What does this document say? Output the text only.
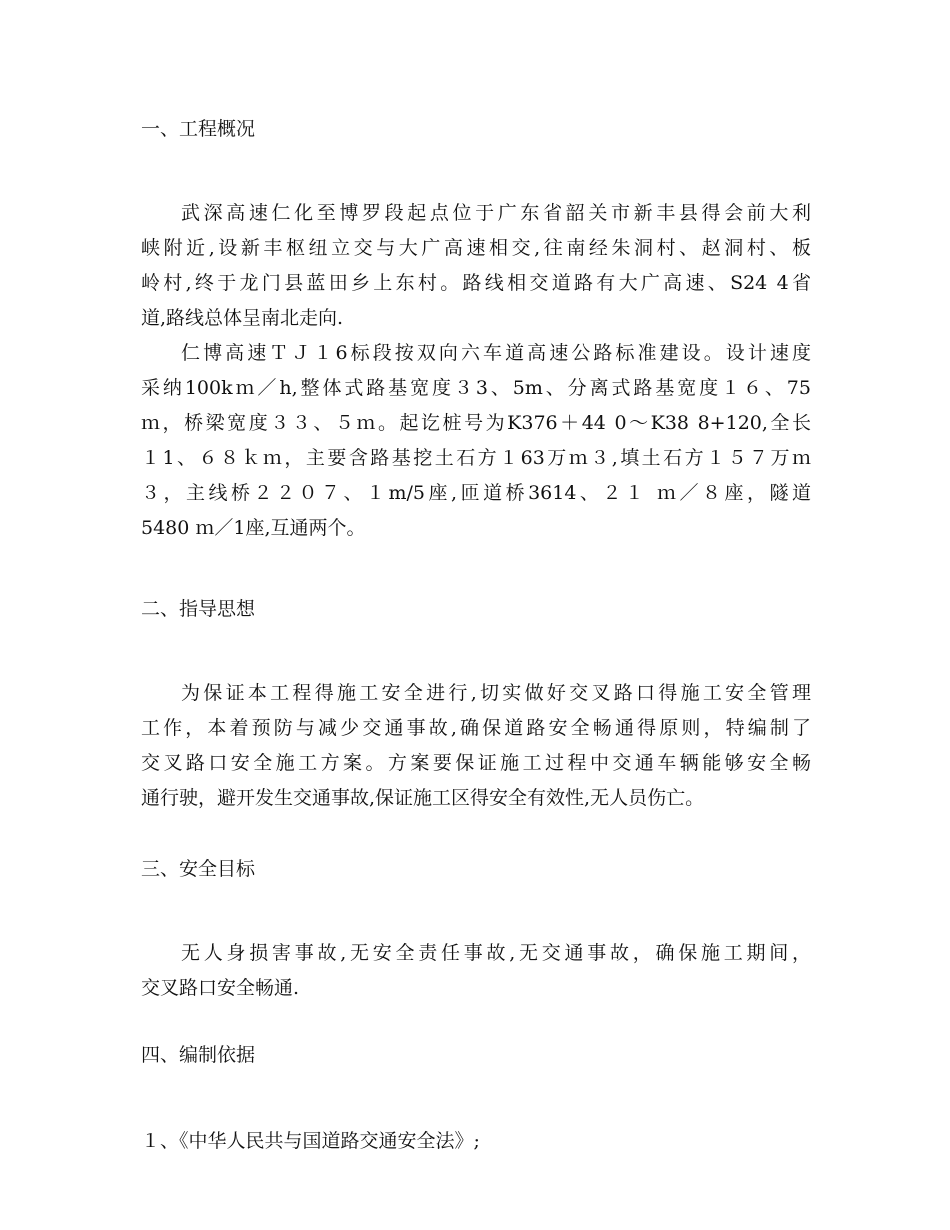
一、工程概况

武深高速仁化至博罗段起点位于广东省韶关市新丰县得会前大利
峡附近,设新丰枢纽立交与大广高速相交,往南经朱洞村、赵洞村、板
岭村,终于龙门县蓝田乡上东村。路线相交道路有大广高速、S24 4省
道,路线总体呈南北走向.

仁博高速ＴＪ１6标段按双向六车道高速公路标准建设。设计速度
采纳100kｍ／h,整体式路基宽度３3、5m、分离式路基宽度１６、75
ｍ，桥梁宽度３３、５ｍ。起讫桩号为K376＋44 0～K38 8+120,全长
１1、６８ｋｍ，主要含路基挖土石方１63万ｍ３,填土石方１５７万ｍ
３，主线桥２２０７、１m/5座,匝道桥3614、２１ ｍ／８座，隧道
5480 ｍ／1座,互通两个。

二、指导思想

为保证本工程得施工安全进行,切实做好交叉路口得施工安全管理
工作，本着预防与减少交通事故,确保道路安全畅通得原则，特编制了
交叉路口安全施工方案。方案要保证施工过程中交通车辆能够安全畅
通行驶，避开发生交通事故,保证施工区得安全有效性,无人员伤亡。

三、安全目标

无人身损害事故,无安全责任事故,无交通事故，确保施工期间，
交叉路口安全畅通.

四、编制依据
１、《中华人民共与国道路交通安全法》;
